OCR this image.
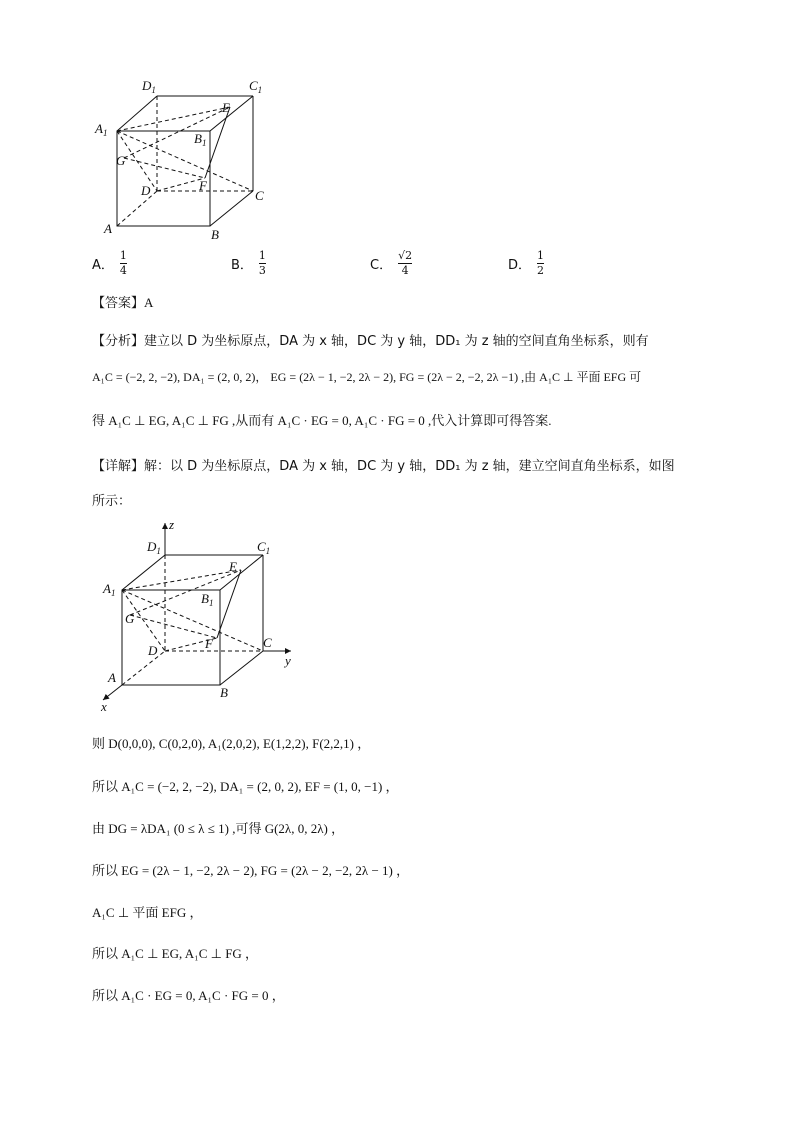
$D_1$	$C_1$
E
$A_1$	$B_1$
G
F
D	C
A	B
A． $\frac{1}{4}$	B． $\frac{1}{3}$	C． $\frac{√2}{4}$	D． $\frac{1}{2}$
【答案】A
【分析】建立以 D 为坐标原点，DA 为 x 轴，DC 为 y 轴，DD₁ 为 z 轴的空间直角坐标系，则有
A₁C = (−2, 2, −2), DA₁ = (2, 0, 2)， EG = (2λ − 1, −2, 2λ − 2), FG = (2λ − 2, −2, 2λ −1) ,由 A₁C ⊥ 平面 EFG 可
得 A₁C ⊥ EG, A₁C ⊥ FG ,从而有 A₁C · EG = 0, A₁C · FG = 0 ,代入计算即可得答案.
【详解】解：以 D 为坐标原点，DA 为 x 轴，DC 为 y 轴，DD₁ 为 z 轴，建立空间直角坐标系，如图
所示：
z
y
x
$D_1$	$C_1$
E
$A_1$	$B_1$
G
F
D
C
A
B
则 D(0,0,0), C(0,2,0), A₁(2,0,2), E(1,2,2), F(2,2,1) ，
所以 A₁C = (−2, 2, −2), DA₁ = (2, 0, 2), EF = (1, 0, −1) ，
由 DG = λDA₁ (0 ≤ λ ≤ 1) ,可得 G(2λ, 0, 2λ) ，
所以 EG = (2λ − 1, −2, 2λ − 2), FG = (2λ − 2, −2, 2λ − 1) ，
A₁C ⊥ 平面 EFG ，
所以 A₁C ⊥ EG, A₁C ⊥ FG ，
所以 A₁C · EG = 0, A₁C · FG = 0 ，
